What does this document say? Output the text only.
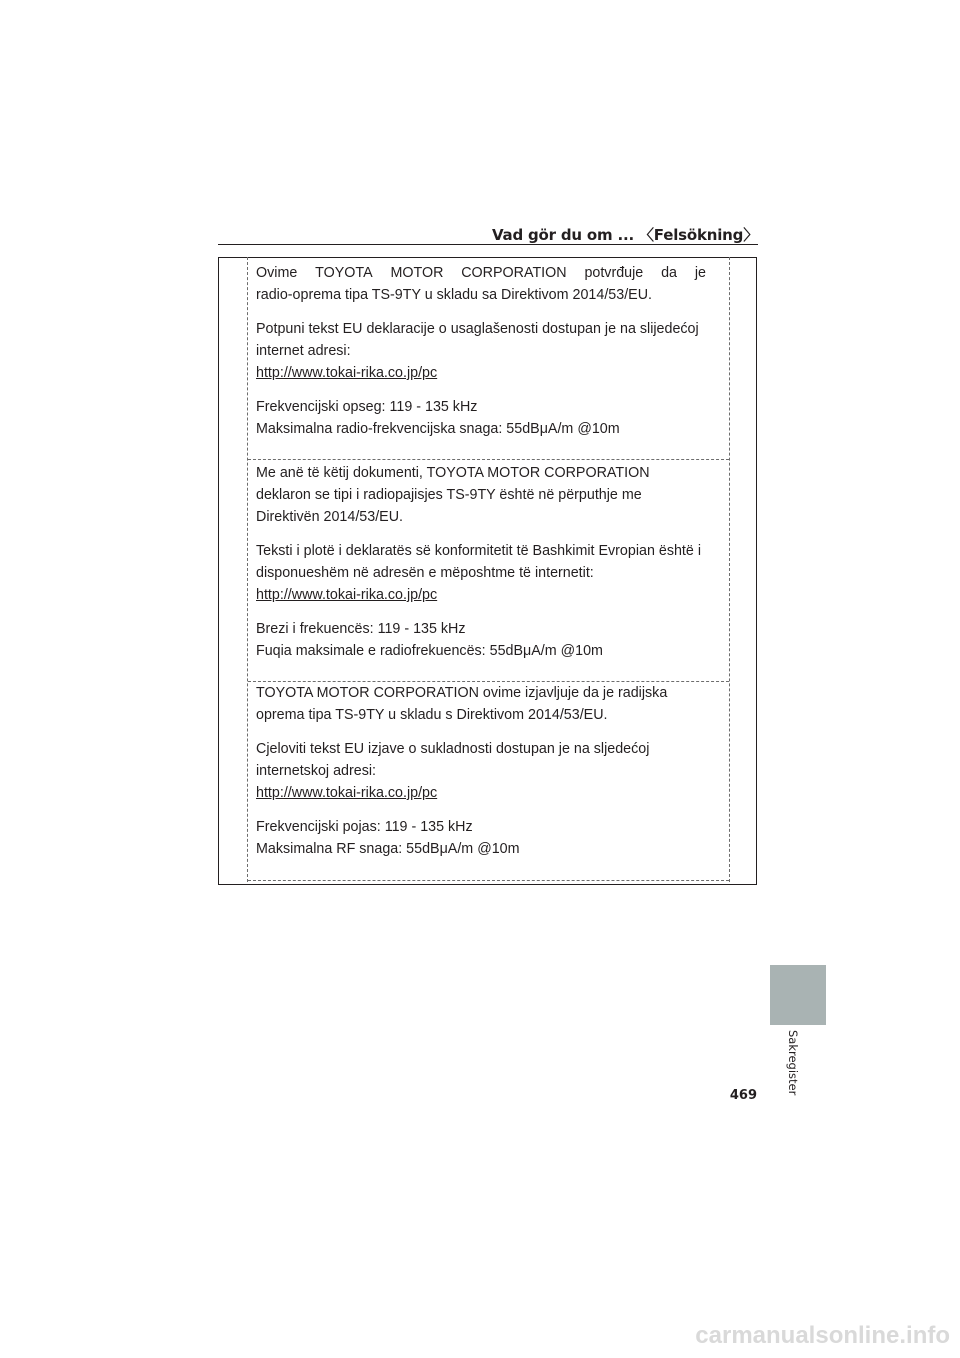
Vad gör du om ... 〈Felsökning〉

Ovime TOYOTA MOTOR CORPORATION potvrđuje da je
radio-oprema tipa TS-9TY u skladu sa Direktivom 2014/53/EU.

Potpuni tekst EU deklaracije o usaglašenosti dostupan je na slijedećoj
internet adresi:
http://www.tokai-rika.co.jp/pc

Frekvencijski opseg: 119 - 135 kHz
Maksimalna radio-frekvencijska snaga: 55dBμA/m @10m

Me anë të këtij dokumenti, TOYOTA MOTOR CORPORATION
deklaron se tipi i radiopajisjes TS-9TY është në përputhje me
Direktivën 2014/53/EU.

Teksti i plotë i deklaratës së konformitetit të Bashkimit Evropian është i
disponueshëm në adresën e mëposhtme të internetit:
http://www.tokai-rika.co.jp/pc

Brezi i frekuencës: 119 - 135 kHz
Fuqia maksimale e radiofrekuencës: 55dBμA/m @10m

TOYOTA MOTOR CORPORATION ovime izjavljuje da je radijska
oprema tipa TS-9TY u skladu s Direktivom 2014/53/EU.

Cjeloviti tekst EU izjave o sukladnosti dostupan je na sljedećoj
internetskoj adresi:
http://www.tokai-rika.co.jp/pc

Frekvencijski pojas: 119 - 135 kHz
Maksimalna RF snaga: 55dBμA/m @10m

Sakregister
469
carmanualsonline.info
